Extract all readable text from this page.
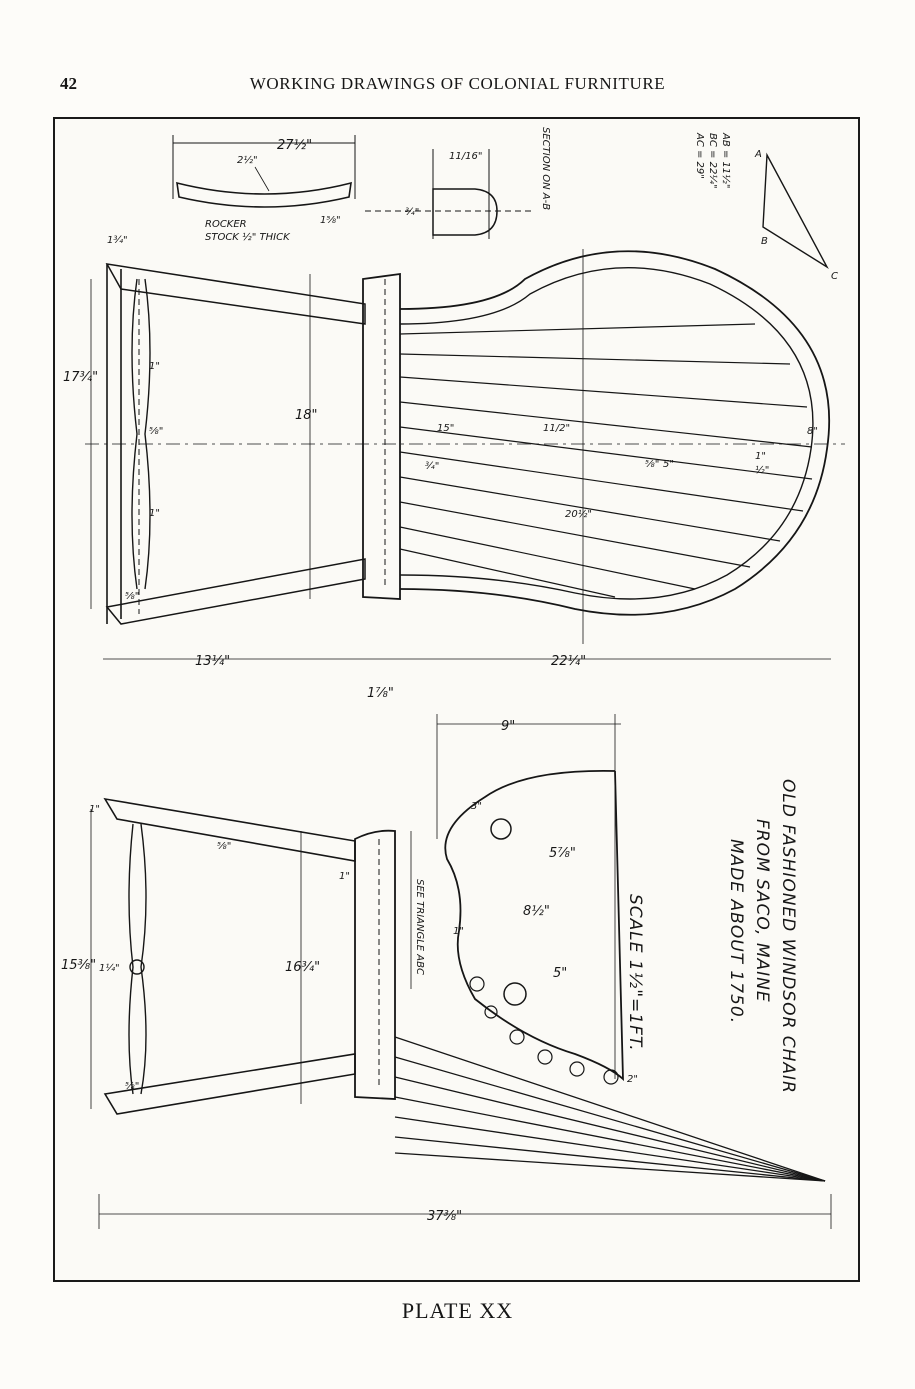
42	WORKING DRAWINGS OF COLONIAL FURNITURE
A
B
C
AB = 11½"
BC = 22¼"
AC = 29"
27½"
2½"
1⅝"
ROCKER
STOCK ½" THICK
11/16"
¾"
SECTION ON A-B
17¾"
1¾"
18"
1"
⅝"
1"
⅝"
15"	11/2"
¾"
20½"
⅝" 5"
1"
½"
8"
13¼"	22¼"
1⅞"
9"
3"
5⅞"
8½"
1"
5"
2"
1"
15⅜" 1¼"
⅝"
⅝"
1"
16¾"	SEE TRIANGLE ABC
37⅜"
OLD FASHIONED WINDSOR CHAIR
FROM SACO, MAINE
MADE ABOUT 1750.
SCALE 1½"=1FT.
PLATE XX
